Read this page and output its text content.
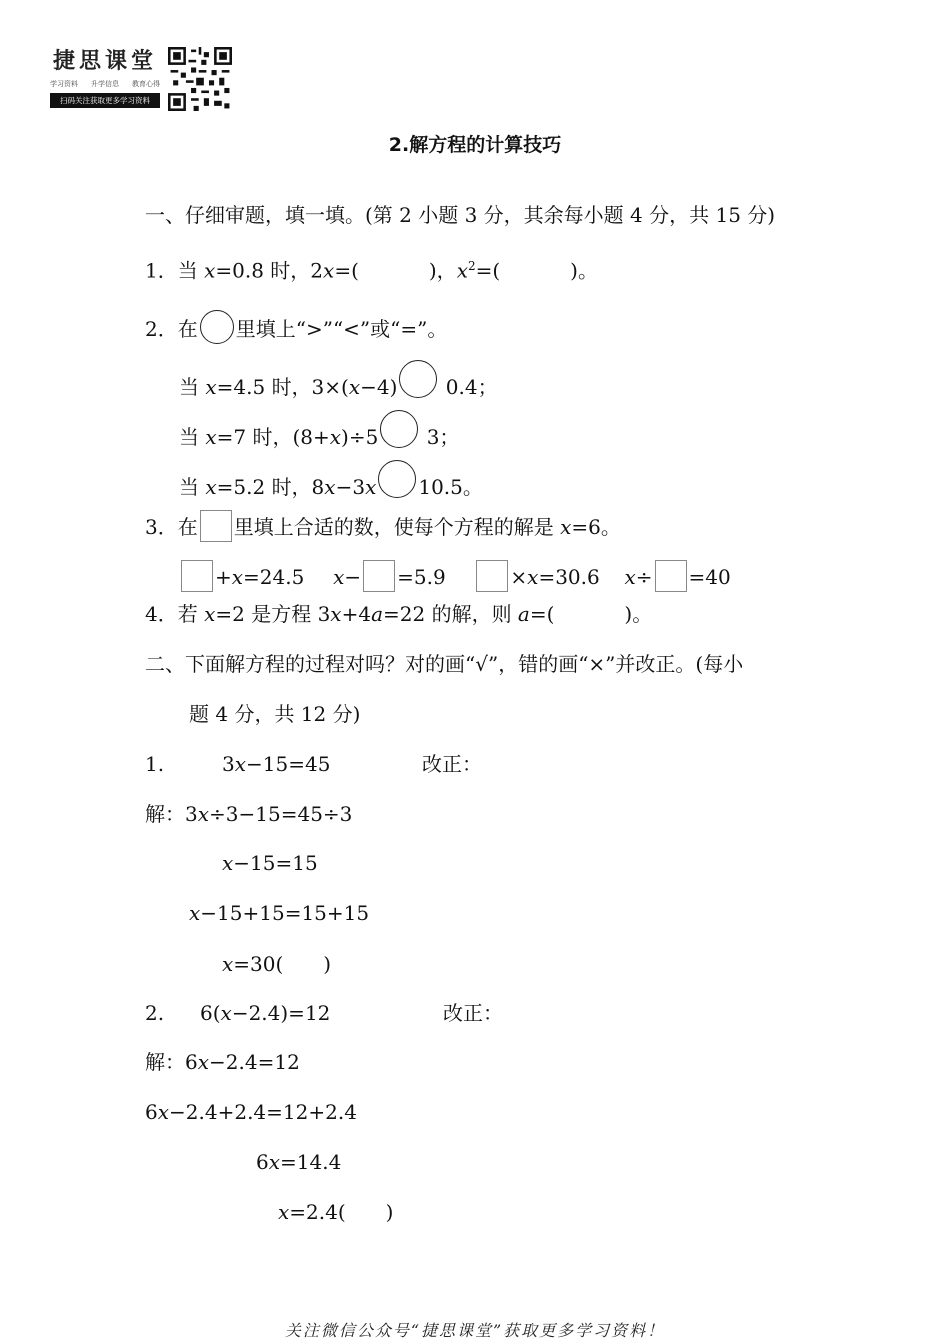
捷思课堂
学习资料 升学信息 教育心得
扫码关注获取更多学习资料
2.解方程的计算技巧
一、仔细审题，填一填。(第 2 小题 3 分，其余每小题 4 分，共 15 分)
1．当 x=0.8 时，2x=(	)，$x^2=$(	)。
2．在 里填上“>”“<”或“=”。
当 x=4.5 时，3×(x−4) 0.4；
当 x=7 时，(8+x)÷5 3；
当 x=5.2 时，8x−3x 10.5。
3．在 里填上合适的数，使每个方程的解是 x=6。
+x=24.5 x− =5.9	×x=30.6 x÷ =40
4．若 x=2 是方程 3x+4a=22 的解，则 a=(	)。
二、下面解方程的过程对吗？对的画“√”，错的画“×”并改正。(每小
题 4 分，共 12 分)
1.	3x−15=45	改正：
解：3x÷3−15=45÷3
x−15=15
x−15+15=15+15
x=30( )
2. 6(x−2.4)=12	改正：
解：6x−2.4=12
6x−2.4+2.4=12+2.4
6x=14.4
x=2.4( )
关注微信公众号“捷思课堂”获取更多学习资料！
